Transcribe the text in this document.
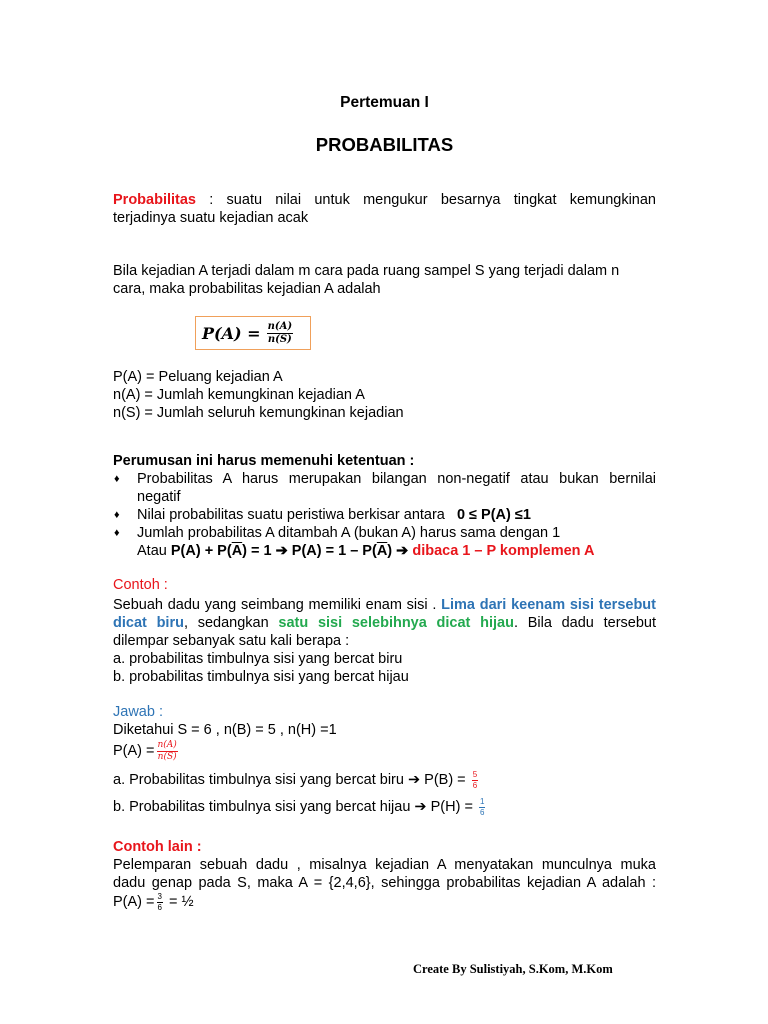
Pertemuan I
PROBABILITAS
Probabilitas : suatu nilai untuk mengukur besarnya tingkat kemungkinan
terjadinya suatu kejadian acak
Bila kejadian A terjadi dalam m cara pada ruang sampel S yang terjadi dalam n
cara, maka probabilitas kejadian A adalah
$P(A) = \frac{n(A)}{n(S)}$
P(A) = Peluang kejadian A
n(A) = Jumlah kemungkinan kejadian A
n(S) = Jumlah seluruh kemungkinan kejadian
Perumusan ini harus memenuhi ketentuan :
♦	Probabilitas A harus merupakan bilangan non-negatif atau bukan bernilai
negatif
♦	Nilai probabilitas suatu peristiwa berkisar antara 0 ≤ P(A) ≤1
♦	Jumlah probabilitas A ditambah A (bukan A) harus sama dengan 1
Atau $P(A) + P(\overline{A}) = 1$ ➔ $P(A) = 1 - P(\overline{A})$ ➔ dibaca 1 – P komplemen A
Contoh :
Sebuah dadu yang seimbang memiliki enam sisi . Lima dari keenam sisi tersebut
dicat biru, sedangkan satu sisi selebihnya dicat hijau. Bila dadu tersebut
dilempar sebanyak satu kali berapa :
a. probabilitas timbulnya sisi yang bercat biru
b. probabilitas timbulnya sisi yang bercat hijau
Jawab :
Diketahui S = 6 , n(B) = 5 , n(H) =1
$P(A) = \frac{n(A)}{n(S)}$
a. Probabilitas timbulnya sisi yang bercat biru ➔ $P(B) = \frac{5}{6}$
b. Probabilitas timbulnya sisi yang bercat hijau ➔ $P(H) = \frac{1}{6}$
Contoh lain :
Pelemparan sebuah dadu , misalnya kejadian A menyatakan munculnya muka
dadu genap pada S, maka A = {2,4,6}, sehingga probabilitas kejadian A adalah :
$P(A) = \frac{3}{6}$ = ½
Create By Sulistiyah, S.Kom, M.Kom
